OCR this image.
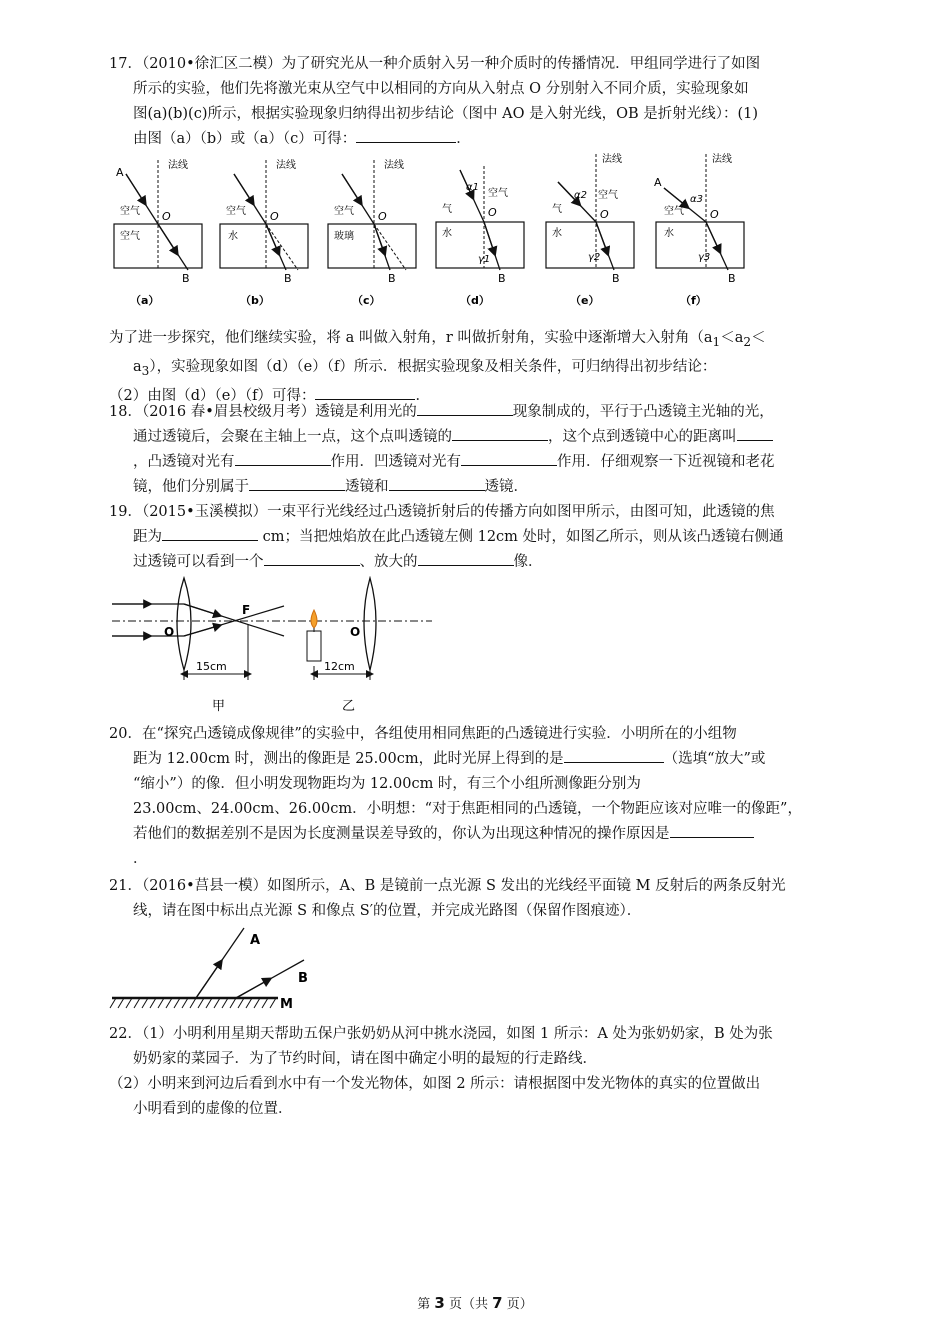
17．（2010•徐汇区二模）为了研究光从一种介质射入另一种介质时的传播情况．甲组同学进行了如图

所示的实验，他们先将激光束从空气中以相同的方向从入射点 O 分别射入不同介质，实验现象如

图(a)(b)(c)所示，根据实验现象归纳得出初步结论（图中 AO 是入射光线，OB 是折射光线）：(1)

由图（a）（b）或（a）（c）可得：	．

A
法线
空气 O
空气
B
（a）
法线
空气 O
水
B
（b）
法线
空气 O
玻璃
B
（c）
α1
空气
气	O
水
γ1
B
（d）
法线
α2 空气
气	O
水
γ2
B
（e）
A
法线
α3
空气 O
水
γ3
B
（f）

为了进一步探究，他们继续实验，将 a 叫做入射角，r 叫做折射角，实验中逐渐增大入射角（$a_1<a_2<$

$a_3$），实验现象如图（d）（e）（f）所示．根据实验现象及相关条件，可归纳得出初步结论：

（2）由图（d）（e）（f）可得：	．

18．（2016 春•眉县校级月考）透镜是利用光的	现象制成的，平行于凸透镜主光轴的光，

通过透镜后，会聚在主轴上一点，这个点叫透镜的	，这个点到透镜中心的距离叫

，凸透镜对光有	作用．凹透镜对光有	作用．仔细观察一下近视镜和老花

镜，他们分别属于	透镜和	透镜．

19．（2015•玉溪模拟）一束平行光线经过凸透镜折射后的传播方向如图甲所示，由图可知，此透镜的焦

距为	cm；当把烛焰放在此凸透镜左侧 12cm 处时，如图乙所示，则从该凸透镜右侧通

过透镜可以看到一个	、放大的	像．

F
O
15cm
甲
O
12cm
乙

20．在“探究凸透镜成像规律”的实验中，各组使用相同焦距的凸透镜进行实验．小明所在的小组物

距为 12.00cm 时，测出的像距是 25.00cm，此时光屏上得到的是	（选填“放大”或

“缩小”）的像．但小明发现物距均为 12.00cm 时，有三个小组所测像距分别为

23.00cm、24.00cm、26.00cm．小明想：“对于焦距相同的凸透镜，一个物距应该对应唯一的像距”，

若他们的数据差别不是因为长度测量误差导致的，你认为出现这种情况的操作原因是

．

21．（2016•莒县一模）如图所示，A、B 是镜前一点光源 S 发出的光线经平面镜 M 反射后的两条反射光

线，请在图中标出点光源 S 和像点 S′的位置，并完成光路图（保留作图痕迹）．

A
B
M

22．（1）小明利用星期天帮助五保户张奶奶从河中挑水浇园，如图 1 所示：A 处为张奶奶家，B 处为张

奶奶家的菜园子．为了节约时间，请在图中确定小明的最短的行走路线．

（2）小明来到河边后看到水中有一个发光物体，如图 2 所示：请根据图中发光物体的真实的位置做出

小明看到的虚像的位置．

第 3 页（共 7 页）
